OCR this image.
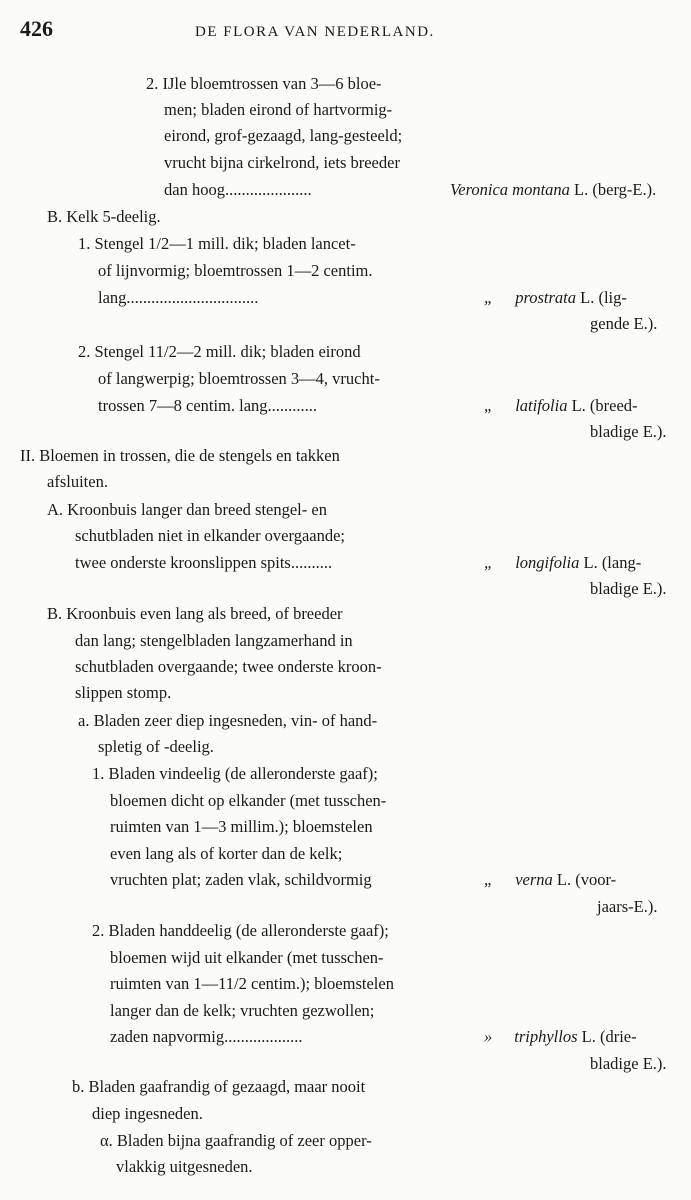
426	DE FLORA VAN NEDERLAND.
2. IJle bloemtrossen van 3—6 bloe-
men; bladen eirond of hartvormig-
eirond, grof-gezaagd, lang-gesteeld;
vrucht bijna cirkelrond, iets breeder
dan hoog.....................
B. Kelk 5-deelig.
1. Stengel 1/2—1 mill. dik; bladen lancet-
of lijnvormig; bloemtrossen 1—2 centim.
lang................................
2. Stengel 11/2—2 mill. dik; bladen eirond
of langwerpig; bloemtrossen 3—4, vrucht-
trossen 7—8 centim. lang............
II. Bloemen in trossen, die de stengels en takken
afsluiten.
A. Kroonbuis langer dan breed stengel- en
schutbladen niet in elkander overgaande;
twee onderste kroonslippen spits..........
B. Kroonbuis even lang als breed, of breeder
dan lang; stengelbladen langzamerhand in
schutbladen overgaande; twee onderste kroon-
slippen stomp.
a. Bladen zeer diep ingesneden, vin- of hand-
spletig of -deelig.
1. Bladen vindeelig (de alleronderste gaaf);
bloemen dicht op elkander (met tusschen-
ruimten van 1—3 millim.); bloemstelen
even lang als of korter dan de kelk;
vruchten plat; zaden vlak, schildvormig
2. Bladen handdeelig (de alleronderste gaaf);
bloemen wijd uit elkander (met tusschen-
ruimten van 1—11/2 centim.); bloemstelen
langer dan de kelk; vruchten gezwollen;
zaden napvormig...................
b. Bladen gaafrandig of gezaagd, maar nooit
diep ingesneden.
α. Bladen bijna gaafrandig of zeer opper-
vlakkig uitgesneden.
Veronica montana L. (berg-E.).
„ prostrata L. (lig-
gende E.).
„ latifolia L. (breed-
bladige E.).
„ longifolia L. (lang-
bladige E.).
„ verna L. (voor-
jaars-E.).
» triphyllos L. (drie-
bladige E.).
